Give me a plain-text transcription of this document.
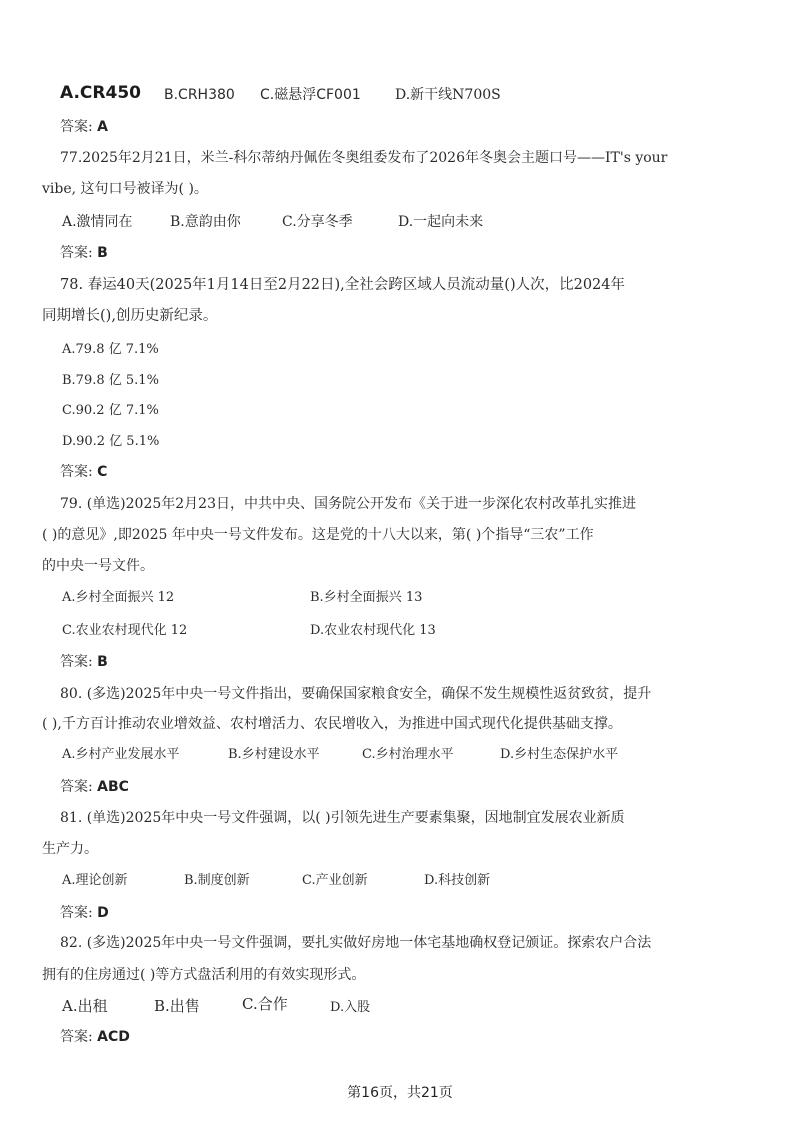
A.CR450 B.CRH380 C.磁悬浮CF001 D.新干线N700S
答案: A
77.2025年2月21日，米兰-科尔蒂纳丹佩佐冬奥组委发布了2026年冬奥会主题口号——IT's your
vibe, 这句口号被译为( )。
A.激情同在	B.意韵由你	C.分享冬季	D.一起向未来
答案: B
78. 春运40天(2025年1月14日至2月22日),全社会跨区域人员流动量()人次，比2024年
同期增长(),创历史新纪录。
A.79.8 亿 7.1%
B.79.8 亿 5.1%
C.90.2 亿 7.1%
D.90.2 亿 5.1%
答案: C
79. (单选)2025年2月23日，中共中央、国务院公开发布《关于进一步深化农村改革扎实推进
( )的意见》,即2025 年中央一号文件发布。这是党的十八大以来，第( )个指导“三农”工作
的中央一号文件。
A.乡村全面振兴 12	B.乡村全面振兴 13
C.农业农村现代化 12	D.农业农村现代化 13
答案: B
80. (多选)2025年中央一号文件指出，要确保国家粮食安全，确保不发生规模性返贫致贫，提升
( ),千方百计推动农业增效益、农村增活力、农民增收入，为推进中国式现代化提供基础支撑。
A.乡村产业发展水平	B.乡村建设水平	C.乡村治理水平	D.乡村生态保护水平
答案: ABC
81. (单选)2025年中央一号文件强调，以( )引领先进生产要素集聚，因地制宜发展农业新质
生产力。
A.理论创新	B.制度创新	C.产业创新	D.科技创新
答案: D
82. (多选)2025年中央一号文件强调，要扎实做好房地一体宅基地确权登记颁证。探索农户合法
拥有的住房通过( )等方式盘活利用的有效实现形式。
A.出租	B.出售	C.合作	D.入股
答案: ACD
第16页，共21页
